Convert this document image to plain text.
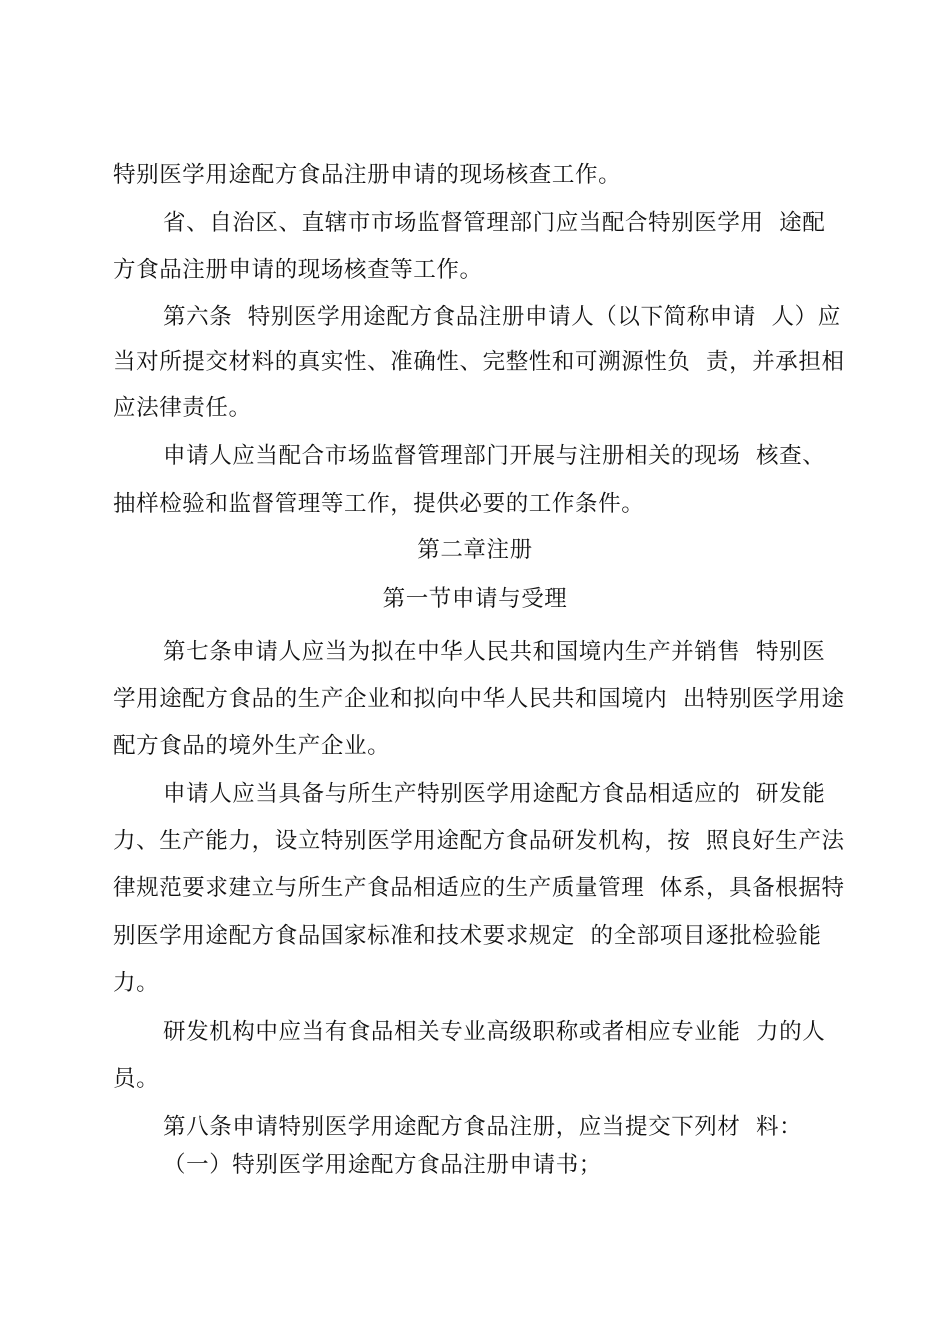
特别医学用途配方食品注册申请的现场核查工作。
省、自治区、直辖市市场监督管理部门应当配合特别医学用  途配
方食品注册申请的现场核查等工作。
第六条  特别医学用途配方食品注册申请人（以下简称申请  人）应
当对所提交材料的真实性、准确性、完整性和可溯源性负  责，并承担相
应法律责任。
申请人应当配合市场监督管理部门开展与注册相关的现场  核查、
抽样检验和监督管理等工作，提供必要的工作条件。
第二章注册
第一节申请与受理
第七条申请人应当为拟在中华人民共和国境内生产并销售  特别医
学用途配方食品的生产企业和拟向中华人民共和国境内  出特别医学用途
配方食品的境外生产企业。
申请人应当具备与所生产特别医学用途配方食品相适应的  研发能
力、生产能力，设立特别医学用途配方食品研发机构，按  照良好生产法
律规范要求建立与所生产食品相适应的生产质量管理  体系，具备根据特
别医学用途配方食品国家标准和技术要求规定  的全部项目逐批检验能
力。
研发机构中应当有食品相关专业高级职称或者相应专业能  力的人
员。
第八条申请特别医学用途配方食品注册，应当提交下列材  料：
（一）特别医学用途配方食品注册申请书；
